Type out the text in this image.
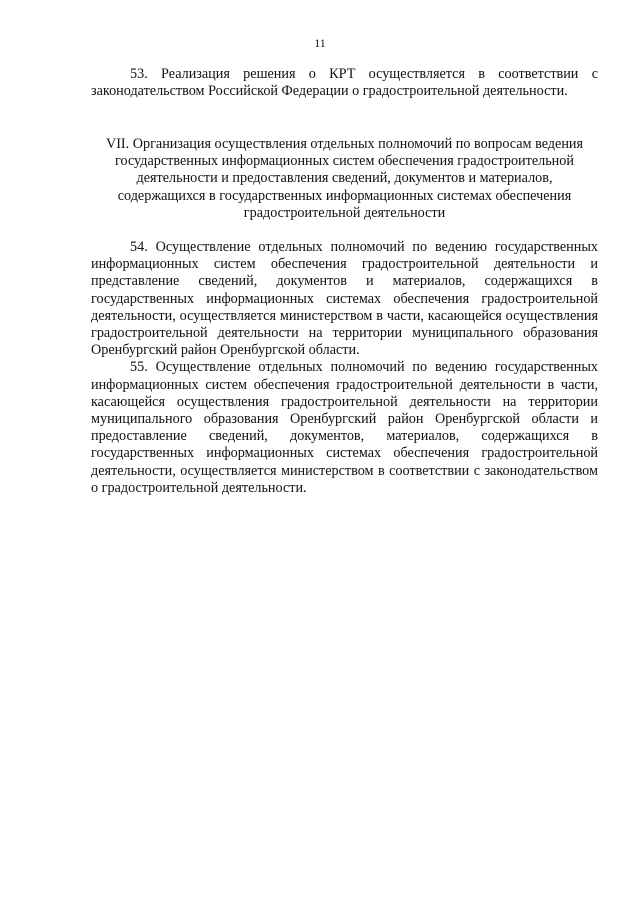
11

53. Реализация решения о КРТ осуществляется в соответствии с законодательством Российской Федерации о градостроительной деятельности.

VII. Организация осуществления отдельных полномочий по вопросам ведения государственных информационных систем обеспечения градостроительной деятельности и предоставления сведений, документов и материалов, содержащихся в государственных информационных системах обеспечения градостроительной деятельности

54. Осуществление отдельных полномочий по ведению государственных информационных систем обеспечения градостроительной деятельности и представление сведений, документов и материалов, содержащихся в государственных информационных системах обеспечения градостроительной деятельности, осуществляется министерством в части, касающейся осуществления градостроительной деятельности на территории муниципального образования Оренбургский район Оренбургской области.

55. Осуществление отдельных полномочий по ведению государственных информационных систем обеспечения градостроительной деятельности в части, касающейся осуществления градостроительной деятельности на территории муниципального образования Оренбургский район Оренбургской области и предоставление сведений, документов, материалов, содержащихся в государственных информационных системах обеспечения градостроительной деятельности, осуществляется министерством в соответствии с законодательством о градостроительной деятельности.
